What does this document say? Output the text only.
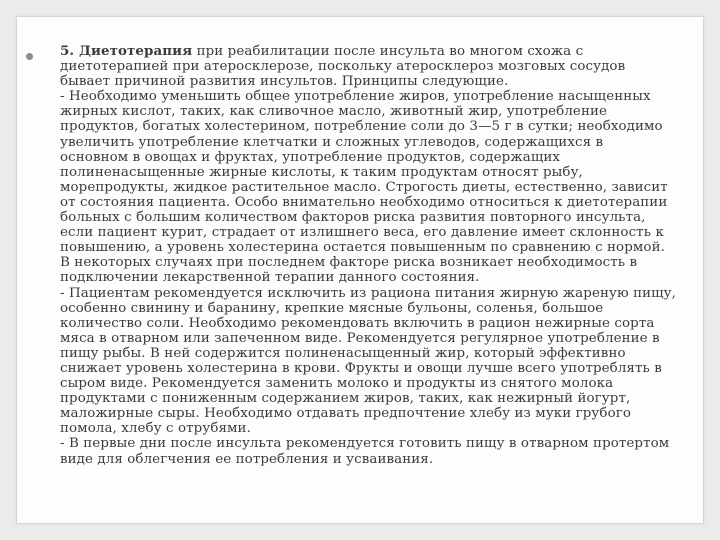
5. Диетотерапия при реабилитации после инсульта во многом схожа с
диетотерапией при атеросклерозе, поскольку атеросклероз мозговых сосудов
бывает причиной развития инсультов. Принципы следующие.
- Необходимо уменьшить общее употребление жиров, употребление насыщенных
жирных кислот, таких, как сливочное масло, животный жир, употребление
продуктов, богатых холестерином, потребление соли до 3—5 г в сутки; необходимо
увеличить употребление клетчатки и сложных углеводов, содержащихся в
основном в овощах и фруктах, употребление продуктов, содержащих
полиненасыщенные жирные кислоты, к таким продуктам относят рыбу,
морепродукты, жидкое растительное масло. Строгость диеты, естественно, зависит
от состояния пациента. Особо внимательно необходимо относиться к диетотерапии
больных с большим количеством факторов риска развития повторного инсульта,
если пациент курит, страдает от излишнего веса, его давление имеет склонность к
повышению, а уровень холестерина остается повышенным по сравнению с нормой.
В некоторых случаях при последнем факторе риска возникает необходимость в
подключении лекарственной терапии данного состояния.
- Пациентам рекомендуется исключить из рациона питания жирную жареную пищу,
особенно свинину и баранину, крепкие мясные бульоны, соленья, большое
количество соли. Необходимо рекомендовать включить в рацион нежирные сорта
мяса в отварном или запеченном виде. Рекомендуется регулярное употребление в
пищу рыбы. В ней содержится полиненасыщенный жир, который эффективно
снижает уровень холестерина в крови. Фрукты и овощи лучше всего употреблять в
сыром виде. Рекомендуется заменить молоко и продукты из снятого молока
продуктами с пониженным содержанием жиров, таких, как нежирный йогурт,
маложирные сыры. Необходимо отдавать предпочтение хлебу из муки грубого
помола, хлебу с отрубями.
- В первые дни после инсульта рекомендуется готовить пищу в отварном протертом
виде для облегчения ее потребления и усваивания.
